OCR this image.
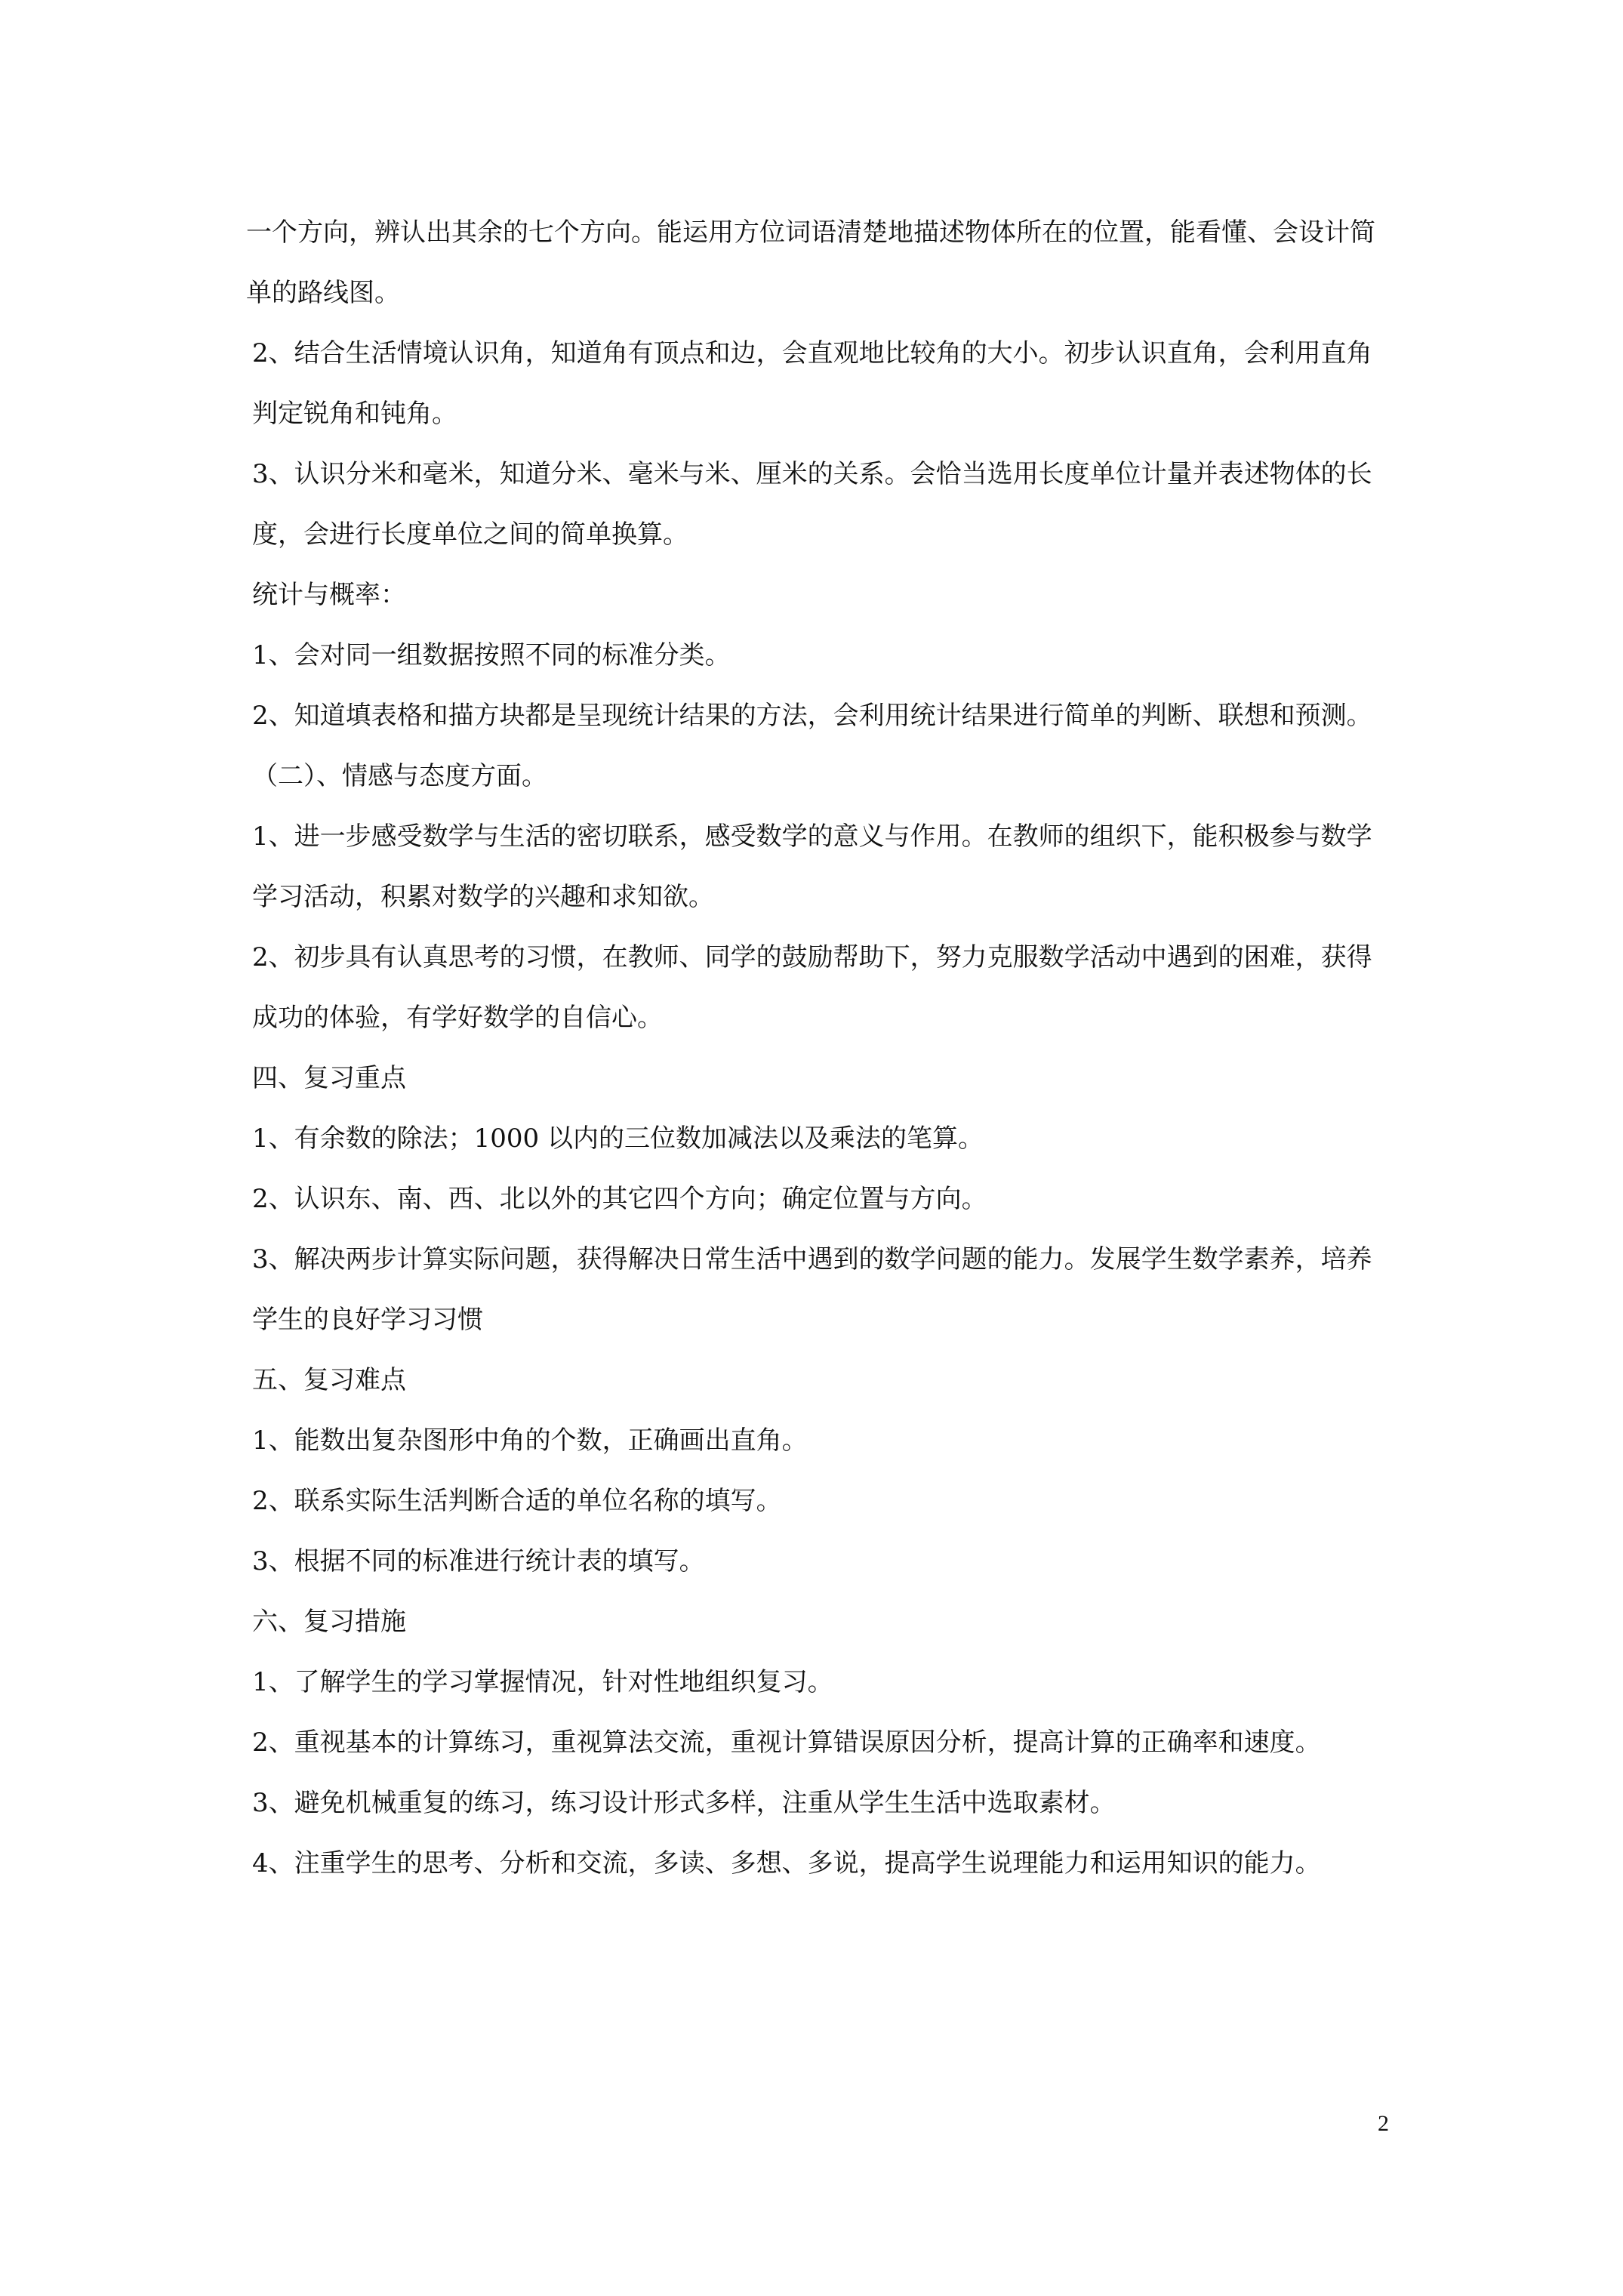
一个方向，辨认出其余的七个方向。能运用方位词语清楚地描述物体所在的位置，能看懂、会设计简单的路线图。

2、结合生活情境认识角，知道角有顶点和边，会直观地比较角的大小。初步认识直角，会利用直角判定锐角和钝角。

3、认识分米和毫米，知道分米、毫米与米、厘米的关系。会恰当选用长度单位计量并表述物体的长度，会进行长度单位之间的简单换算。

统计与概率：

1、会对同一组数据按照不同的标准分类。

2、知道填表格和描方块都是呈现统计结果的方法，会利用统计结果进行简单的判断、联想和预测。

（二）、情感与态度方面。

1、进一步感受数学与生活的密切联系，感受数学的意义与作用。在教师的组织下，能积极参与数学学习活动，积累对数学的兴趣和求知欲。

2、初步具有认真思考的习惯，在教师、同学的鼓励帮助下，努力克服数学活动中遇到的困难，获得成功的体验，有学好数学的自信心。

四、复习重点

1、有余数的除法；1000 以内的三位数加减法以及乘法的笔算。

2、认识东、南、西、北以外的其它四个方向；确定位置与方向。

3、解决两步计算实际问题，获得解决日常生活中遇到的数学问题的能力。发展学生数学素养，培养学生的良好学习习惯

五、复习难点

1、能数出复杂图形中角的个数，正确画出直角。

2、联系实际生活判断合适的单位名称的填写。

3、根据不同的标准进行统计表的填写。

六、复习措施

1、了解学生的学习掌握情况，针对性地组织复习。

2、重视基本的计算练习，重视算法交流，重视计算错误原因分析，提高计算的正确率和速度。

3、避免机械重复的练习，练习设计形式多样，注重从学生生活中选取素材。

4、注重学生的思考、分析和交流，多读、多想、多说，提高学生说理能力和运用知识的能力。

2
